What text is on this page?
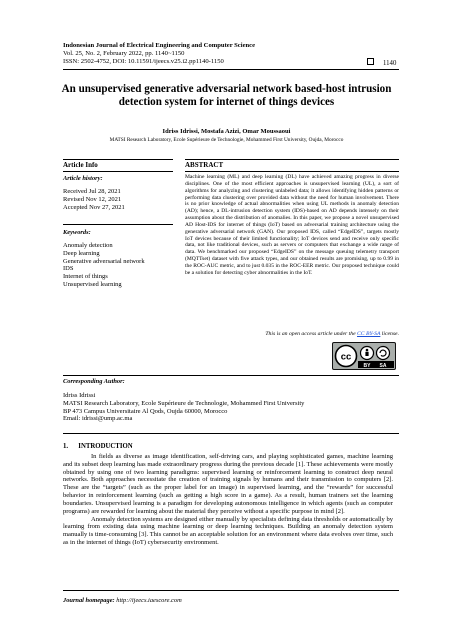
Indonesian Journal of Electrical Engineering and Computer Science
Vol. 25, No. 2, February 2022, pp. 1140~1150
ISSN: 2502-4752, DOI: 10.11591/ijeecs.v25.i2.pp1140-1150	1140
An unsupervised generative adversarial network based-host intrusion detection system for internet of things devices
Idriss Idrissi, Mostafa Azizi, Omar Moussaoui
MATSI Research Laboratory, Ecole Supérieure de Technologie, Mohammed First University, Oujda, Morocco
Article Info
Article history:
Received Jul 28, 2021
Revised Nov 12, 2021
Accepted Nov 27, 2021
Keywords:
Anomaly detection
Deep learning
Generative adversarial network
IDS
Internet of things
Unsupervised learning
ABSTRACT
Machine learning (ML) and deep learning (DL) have achieved amazing progress in diverse disciplines. One of the most efficient approaches is unsupervised learning (UL), a sort of algorithms for analyzing and clustering unlabeled data; it allows identifying hidden patterns or performing data clustering over provided data without the need for human involvement. There is no prior knowledge of actual abnormalities when using UL methods in anomaly detection (AD); hence, a DL-intrusion detection system (IDS)-based on AD depends intensely on their assumption about the distribution of anomalies. In this paper, we propose a novel unsupervised AD Host-IDS for internet of things (IoT) based on adversarial training architecture using the generative adversarial network (GAN). Our proposed IDS, called “EdgeIDS”, targets mostly IoT devices because of their limited functionality; IoT devices send and receive only specific data, not like traditional devices, such as servers or computers that exchange a wide range of data. We benchmarked our proposed “EdgeIDS” on the message queuing telemetry transport (MQTTset) dataset with five attack types, and our obtained results are promising, up to 0.99 in the ROC-AUC metric, and to just 0.035 in the ROC-EER metric. Our proposed technique could be a solution for detecting cyber abnormalities in the IoT.
This is an open access article under the CC BY-SA license.
cc
BY SA
Corresponding Author:
Idriss Idrissi
MATSI Research Laboratory, Ecole Supérieure de Technologie, Mohammed First University
BP 473 Campus Universitaire Al Qods, Oujda 60000, Morocco
Email: idrissi@ump.ac.ma
1.      INTRODUCTION

In fields as diverse as image identification, self-driving cars, and playing sophisticated games, machine learning and its subset deep learning has made extraordinary progress during the previous decade [1]. These achievements were mostly obtained by using one of two learning paradigms: supervised learning or reinforcement learning to construct deep neural networks. Both approaches necessitate the creation of training signals by humans and their transmission to computers [2]. These are the “targets” (such as the proper label for an image) in supervised learning, and the “rewards” for successful behavior in reinforcement learning (such as getting a high score in a game). As a result, human trainers set the learning boundaries. Unsupervised learning is a paradigm for developing autonomous intelligence in which agents (such as computer programs) are rewarded for learning about the material they perceive without a specific purpose in mind [2].

Anomaly detection systems are designed either manually by specialists defining data thresholds or automatically by learning from existing data using machine learning or deep learning techniques. Building an anomaly detection system manually is time-consuming [3]. This cannot be an acceptable solution for an environment where data evolves over time, such as in the internet of things (IoT) cybersecurity environment.

Journal homepage: http://ijeecs.iaescore.com
